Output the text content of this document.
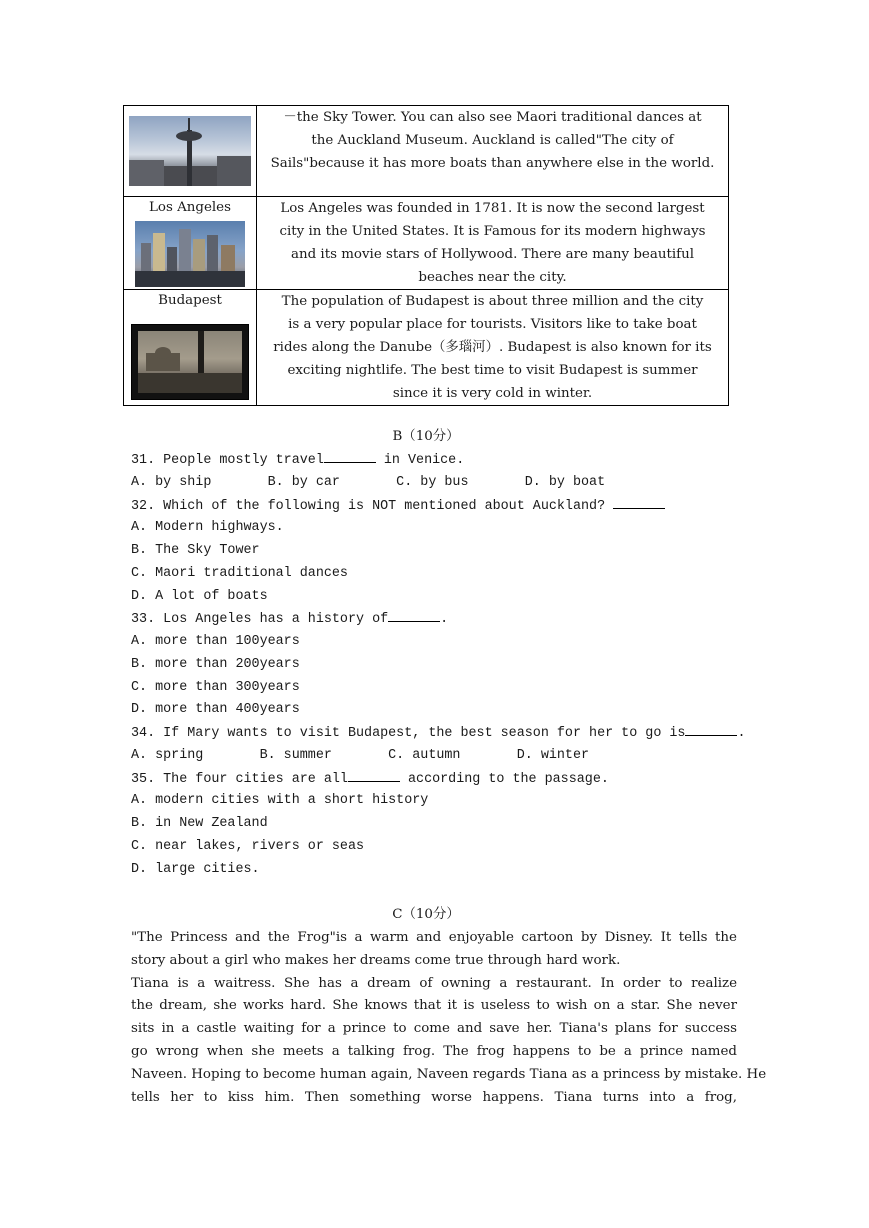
－the Sky Tower. You can also see Maori traditional dances at
the Auckland Museum. Auckland is called"The city of
Sails"because it has more boats than anywhere else in the world.

Los Angeles	Los Angeles was founded in 1781. It is now the second largest
city in the United States. It is Famous for its modern highways
and its movie stars of Hollywood. There are many beautiful
beaches near the city.

Budapest	The population of Budapest is about three million and the city
is a very popular place for tourists. Visitors like to take boat
rides along the Danube（多瑙河）. Budapest is also known for its
exciting nightlife. The best time to visit Budapest is summer
since it is very cold in winter.
B（10分）
31. People mostly travel	in Venice.
A. by ship       B. by car       C. by bus       D. by boat
32. Which of the following is NOT mentioned about Auckland?
A. Modern highways.
B. The Sky Tower
C. Maori traditional dances
D. A lot of boats
33. Los Angeles has a history of	.
A. more than 100years
B. more than 200years
C. more than 300years
D. more than 400years
34. If Mary wants to visit Budapest, the best season for her to go is	.
A. spring       B. summer       C. autumn       D. winter
35. The four cities are all	according to the passage.
A. modern cities with a short history
B. in New Zealand
C. near lakes, rivers or seas
D. large cities.
C（10分）
"The Princess and the Frog"is a warm and enjoyable cartoon by Disney. It tells the
story about a girl who makes her dreams come true through hard work.
Tiana is a waitress. She has a dream of owning a restaurant. In order to realize
the dream, she works hard. She knows that it is useless to wish on a star. She never
sits in a castle waiting for a prince to come and save her. Tiana's plans for success
go wrong when she meets a talking frog. The frog happens to be a prince named
Naveen. Hoping to become human again, Naveen regards Tiana as a princess by mistake. He
tells her to kiss him. Then something worse happens. Tiana turns into a frog,
